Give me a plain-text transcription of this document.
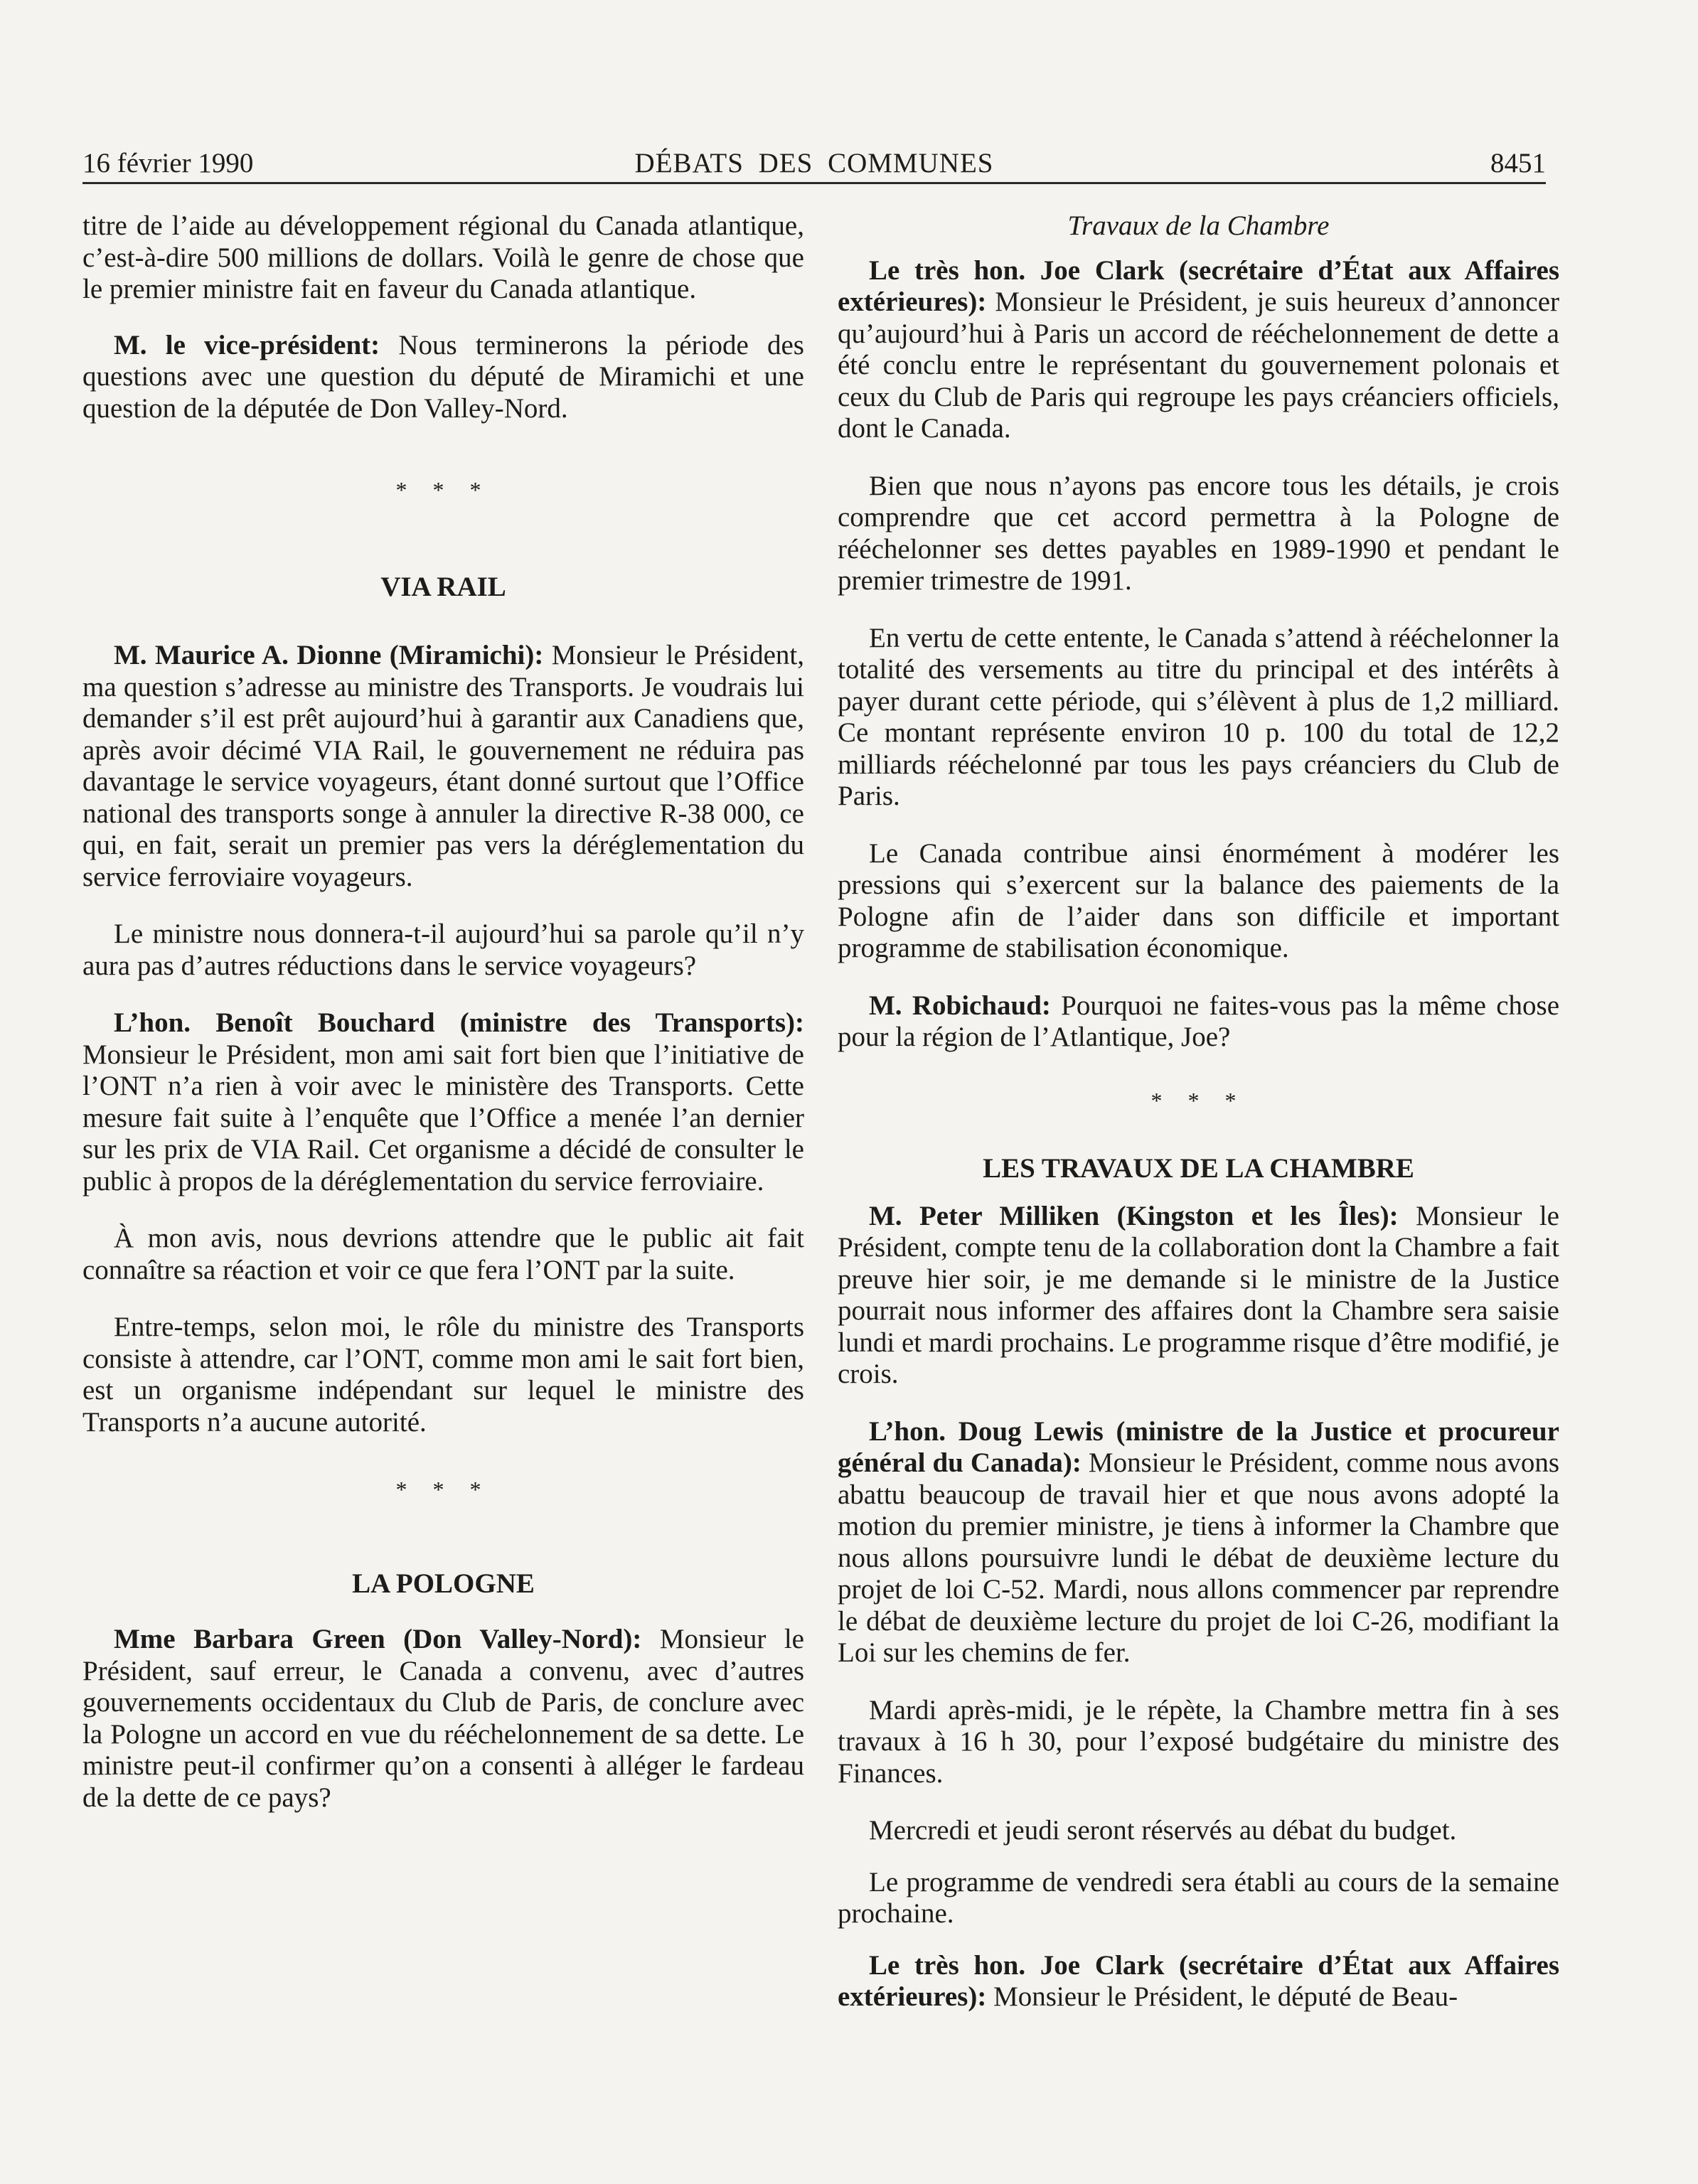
16 février 1990	DÉBATS DES COMMUNES	8451

titre de l’aide au développement régional du Canada atlantique, c’est-à-dire 500 millions de dollars. Voilà le genre de chose que le premier ministre fait en faveur du Canada atlantique.

M. le vice-président: Nous terminerons la période des questions avec une question du député de Miramichi et une question de la députée de Don Valley-Nord.

* * *
VIA RAIL

M. Maurice A. Dionne (Miramichi): Monsieur le Président, ma question s’adresse au ministre des Transports. Je voudrais lui demander s’il est prêt aujourd’hui à garantir aux Canadiens que, après avoir décimé VIA Rail, le gouvernement ne réduira pas davantage le service voyageurs, étant donné surtout que l’Office national des transports songe à annuler la directive R-38 000, ce qui, en fait, serait un premier pas vers la déréglementation du service ferroviaire voyageurs.

Le ministre nous donnera-t-il aujourd’hui sa parole qu’il n’y aura pas d’autres réductions dans le service voyageurs?

L’hon. Benoît Bouchard (ministre des Transports): Monsieur le Président, mon ami sait fort bien que l’initiative de l’ONT n’a rien à voir avec le ministère des Transports. Cette mesure fait suite à l’enquête que l’Office a menée l’an dernier sur les prix de VIA Rail. Cet organisme a décidé de consulter le public à propos de la déréglementation du service ferroviaire.

À mon avis, nous devrions attendre que le public ait fait connaître sa réaction et voir ce que fera l’ONT par la suite.

Entre-temps, selon moi, le rôle du ministre des Transports consiste à attendre, car l’ONT, comme mon ami le sait fort bien, est un organisme indépendant sur lequel le ministre des Transports n’a aucune autorité.

* * *
LA POLOGNE

Mme Barbara Green (Don Valley-Nord): Monsieur le Président, sauf erreur, le Canada a convenu, avec d’autres gouvernements occidentaux du Club de Paris, de conclure avec la Pologne un accord en vue du rééchelonnement de sa dette. Le ministre peut-il confirmer qu’on a consenti à alléger le fardeau de la dette de ce pays?

Travaux de la Chambre

Le très hon. Joe Clark (secrétaire d’État aux Affaires extérieures): Monsieur le Président, je suis heureux d’annoncer qu’aujourd’hui à Paris un accord de rééchelonnement de dette a été conclu entre le représentant du gouvernement polonais et ceux du Club de Paris qui regroupe les pays créanciers officiels, dont le Canada.

Bien que nous n’ayons pas encore tous les détails, je crois comprendre que cet accord permettra à la Pologne de rééchelonner ses dettes payables en 1989-1990 et pendant le premier trimestre de 1991.

En vertu de cette entente, le Canada s’attend à rééchelonner la totalité des versements au titre du principal et des intérêts à payer durant cette période, qui s’élèvent à plus de 1,2 milliard. Ce montant représente environ 10 p. 100 du total de 12,2 milliards rééchelonné par tous les pays créanciers du Club de Paris.

Le Canada contribue ainsi énormément à modérer les pressions qui s’exercent sur la balance des paiements de la Pologne afin de l’aider dans son difficile et important programme de stabilisation économique.

M. Robichaud: Pourquoi ne faites-vous pas la même chose pour la région de l’Atlantique, Joe?

* * *
LES TRAVAUX DE LA CHAMBRE

M. Peter Milliken (Kingston et les Îles): Monsieur le Président, compte tenu de la collaboration dont la Chambre a fait preuve hier soir, je me demande si le ministre de la Justice pourrait nous informer des affaires dont la Chambre sera saisie lundi et mardi prochains. Le programme risque d’être modifié, je crois.

L’hon. Doug Lewis (ministre de la Justice et procureur général du Canada): Monsieur le Président, comme nous avons abattu beaucoup de travail hier et que nous avons adopté la motion du premier ministre, je tiens à informer la Chambre que nous allons poursuivre lundi le débat de deuxième lecture du projet de loi C-52. Mardi, nous allons commencer par reprendre le débat de deuxième lecture du projet de loi C-26, modifiant la Loi sur les chemins de fer.

Mardi après-midi, je le répète, la Chambre mettra fin à ses travaux à 16 h 30, pour l’exposé budgétaire du ministre des Finances.

Mercredi et jeudi seront réservés au débat du budget.

Le programme de vendredi sera établi au cours de la semaine prochaine.

Le très hon. Joe Clark (secrétaire d’État aux Affaires extérieures): Monsieur le Président, le député de Beau-
